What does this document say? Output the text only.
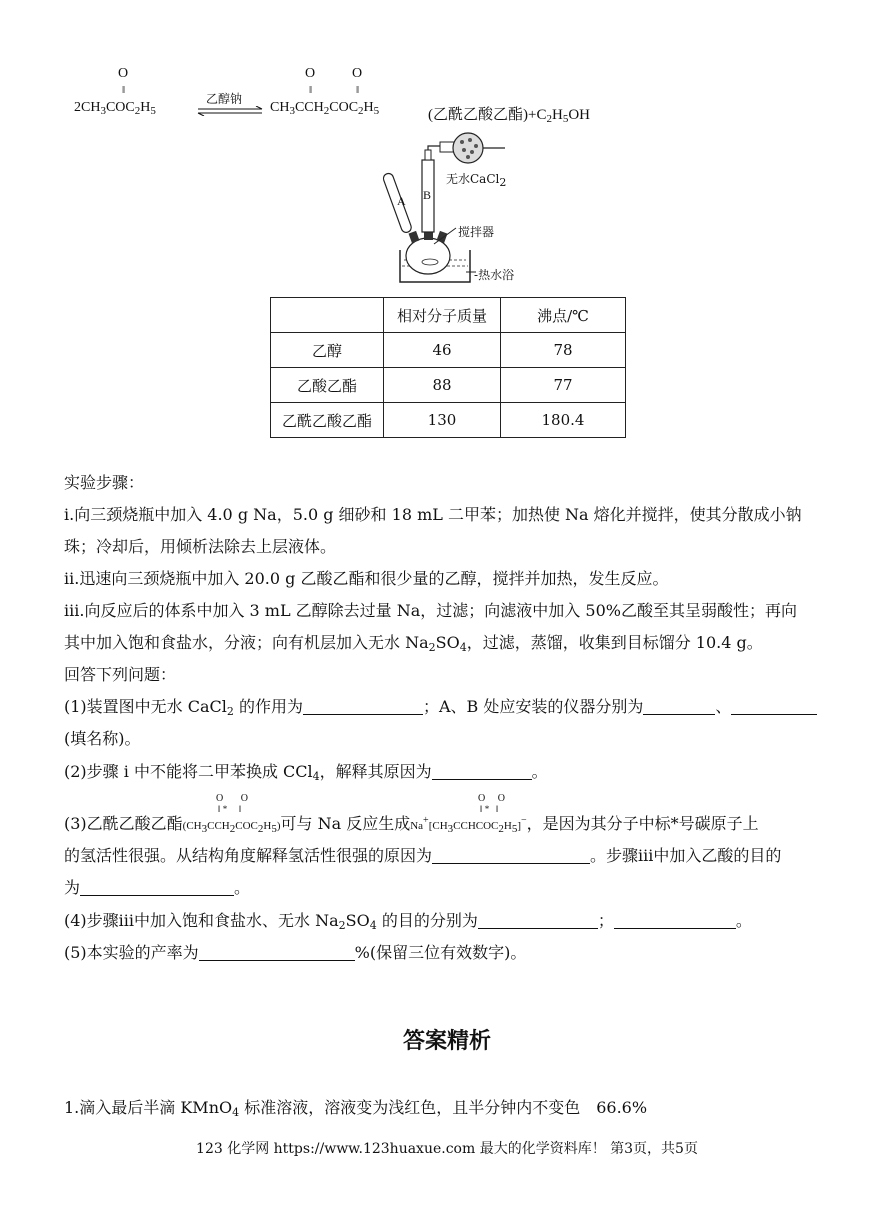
O
‖
$2CH_3COC_2H_5$
乙醇钠
O
‖
O
‖
$CH_3CCH_2COC_2H_5$	(乙酰乙酸乙酯)$+C_2H_5OH$
A B
无水CaCl$_2$
搅拌器
-热水浴
	相对分子质量	沸点/℃
乙醇	46	78
乙酸乙酯	88	77
乙酰乙酸乙酯	130	180.4
实验步骤：
ⅰ.向三颈烧瓶中加入 4.0 g Na，5.0 g 细砂和 18 mL 二甲苯；加热使 Na 熔化并搅拌，使其分散成小钠
珠；冷却后，用倾析法除去上层液体。
ⅱ.迅速向三颈烧瓶中加入 20.0 g 乙酸乙酯和很少量的乙醇，搅拌并加热，发生反应。
ⅲ.向反应后的体系中加入 3 mL 乙醇除去过量 Na，过滤；向滤液中加入 50%乙酸至其呈弱酸性；再向
其中加入饱和食盐水，分液；向有机层加入无水 $Na_2SO_4$，过滤，蒸馏，收集到目标馏分 10.4 g。
回答下列问题：
(1)装置图中无水 CaCl$_2$ 的作用为	；A、B 处应安装的仪器分别为	、
(填名称)。
(2)步骤 ⅰ 中不能将二甲苯换成 CCl$_4$，解释其原因为	。
O       O
‖ *     ‖
O     O
‖ *   ‖
(3)乙酰乙酸乙酯$(CH_3CCH_2COC_2H_5)$可与 Na 反应生成$Na^+[CH_3CCHCOC_2H_5]^-$，是因为其分子中标*号碳原子上
的氢活性很强。从结构角度解释氢活性很强的原因为	。步骤ⅲ中加入乙酸的目的
为	。
(4)步骤ⅲ中加入饱和食盐水、无水 $Na_2SO_4$ 的目的分别为	；	。
(5)本实验的产率为	%(保留三位有效数字)。
答案精析
1.滴入最后半滴 KMnO$_4$ 标准溶液，溶液变为浅红色，且半分钟内不变色　66.6%
123 化学网 https://www.123huaxue.com 最大的化学资料库！ 第3页，共5页
